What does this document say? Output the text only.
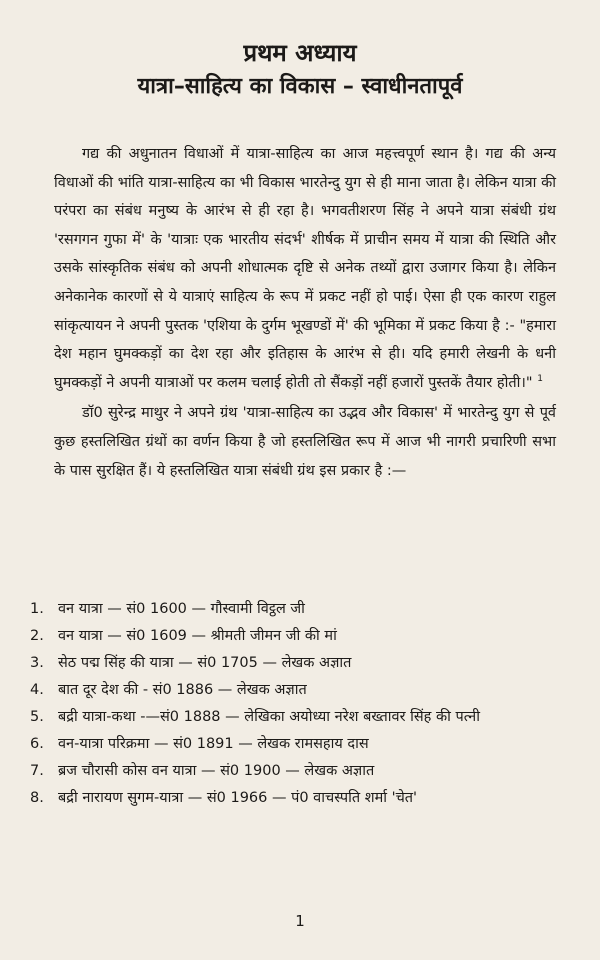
प्रथम अध्याय
यात्रा–साहित्य का विकास – स्वाधीनतापूर्व

गद्य की अधुनातन विधाओं में यात्रा-साहित्य का आज महत्त्वपूर्ण स्थान है। गद्य की अन्य विधाओं की भांति यात्रा-साहित्य का भी विकास भारतेन्दु युग से ही माना जाता है। लेकिन यात्रा की परंपरा का संबंध मनुष्य के आरंभ से ही रहा है। भगवतीशरण सिंह ने अपने यात्रा संबंधी ग्रंथ 'रसगगन गुफा में' के 'यात्राः एक भारतीय संदर्भ' शीर्षक में प्राचीन समय में यात्रा की स्थिति और उसके सांस्कृतिक संबंध को अपनी शोधात्मक दृष्टि से अनेक तथ्यों द्वारा उजागर किया है। लेकिन अनेकानेक कारणों से ये यात्राएं साहित्य के रूप में प्रकट नहीं हो पाई। ऐसा ही एक कारण राहुल सांकृत्यायन ने अपनी पुस्तक 'एशिया के दुर्गम भूखण्डों में' की भूमिका में प्रकट किया है :- "हमारा देश महान घुमक्कड़ों का देश रहा और इतिहास के आरंभ से ही। यदि हमारी लेखनी के धनी घुमक्कड़ों ने अपनी यात्राओं पर कलम चलाई होती तो सैंकड़ों नहीं हजारों पुस्तकें तैयार होती।" $^1$

डॉ0 सुरेन्द्र माथुर ने अपने ग्रंथ 'यात्रा-साहित्य का उद्भव और विकास' में भारतेन्दु युग से पूर्व कुछ हस्तलिखित ग्रंथों का वर्णन किया है जो हस्तलिखित रूप में आज भी नागरी प्रचारिणी सभा के पास सुरक्षित हैं। ये हस्तलिखित यात्रा संबंधी ग्रंथ इस प्रकार है :—

1. वन यात्रा — सं0 1600 — गौस्वामी विट्ठल जी
2. वन यात्रा — सं0 1609 — श्रीमती जीमन जी की मां
3. सेठ पद्म सिंह की यात्रा — सं0 1705 — लेखक अज्ञात
4. बात दूर देश की - सं0 1886 — लेखक अज्ञात
5. बद्री यात्रा-कथा -—सं0 1888 — लेखिका अयोध्या नरेश बख्तावर सिंह की पत्नी
6. वन-यात्रा परिक्रमा — सं0 1891 — लेखक रामसहाय दास
7. ब्रज चौरासी कोस वन यात्रा — सं0 1900 — लेखक अज्ञात
8. बद्री नारायण सुगम-यात्रा — सं0 1966 — पं0 वाचस्पति शर्मा 'चेत'
1
